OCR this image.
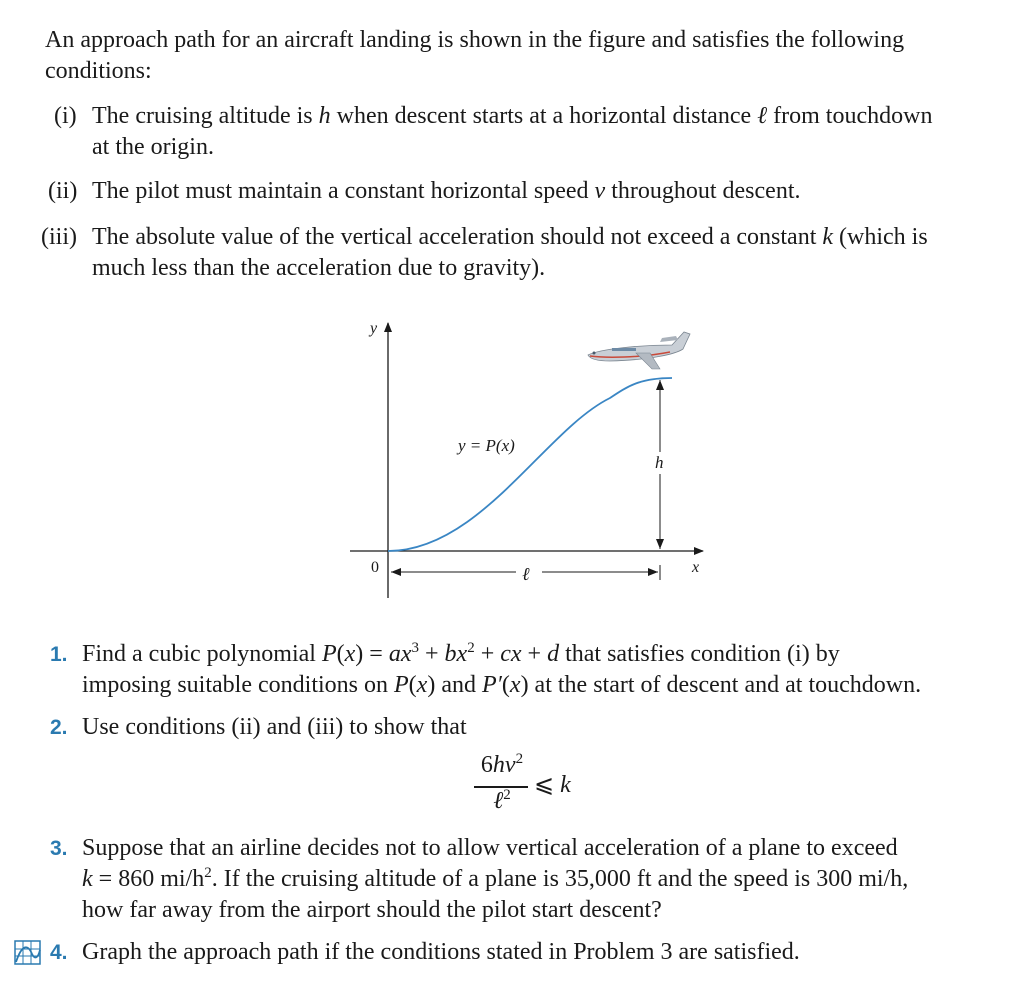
An approach path for an aircraft landing is shown in the figure and satisfies the following
conditions:
(i) The cruising altitude is h when descent starts at a horizontal distance ℓ from touchdown
at the origin.
(ii) The pilot must maintain a constant horizontal speed v throughout descent.
(iii) The absolute value of the vertical acceleration should not exceed a constant k (which is
much less than the acceleration due to gravity).
y
x
0
y = P(x)
h
ℓ
1. Find a cubic polynomial $P(x) = ax^3 + bx^2$ + cx + d that satisfies condition (i) by
imposing suitable conditions on P(x) and P′(x) at the start of descent and at touchdown.
2. Use conditions (ii) and (iii) to show that
$6hv^2$
ℓ$^2$ ⩽ k
3. Suppose that an airline decides not to allow vertical acceleration of a plane to exceed
k = 860 $mi/h^2$. If the cruising altitude of a plane is 35,000 ft and the speed is 300 mi/h,
how far away from the airport should the pilot start descent?
4. Graph the approach path if the conditions stated in Problem 3 are satisfied.
